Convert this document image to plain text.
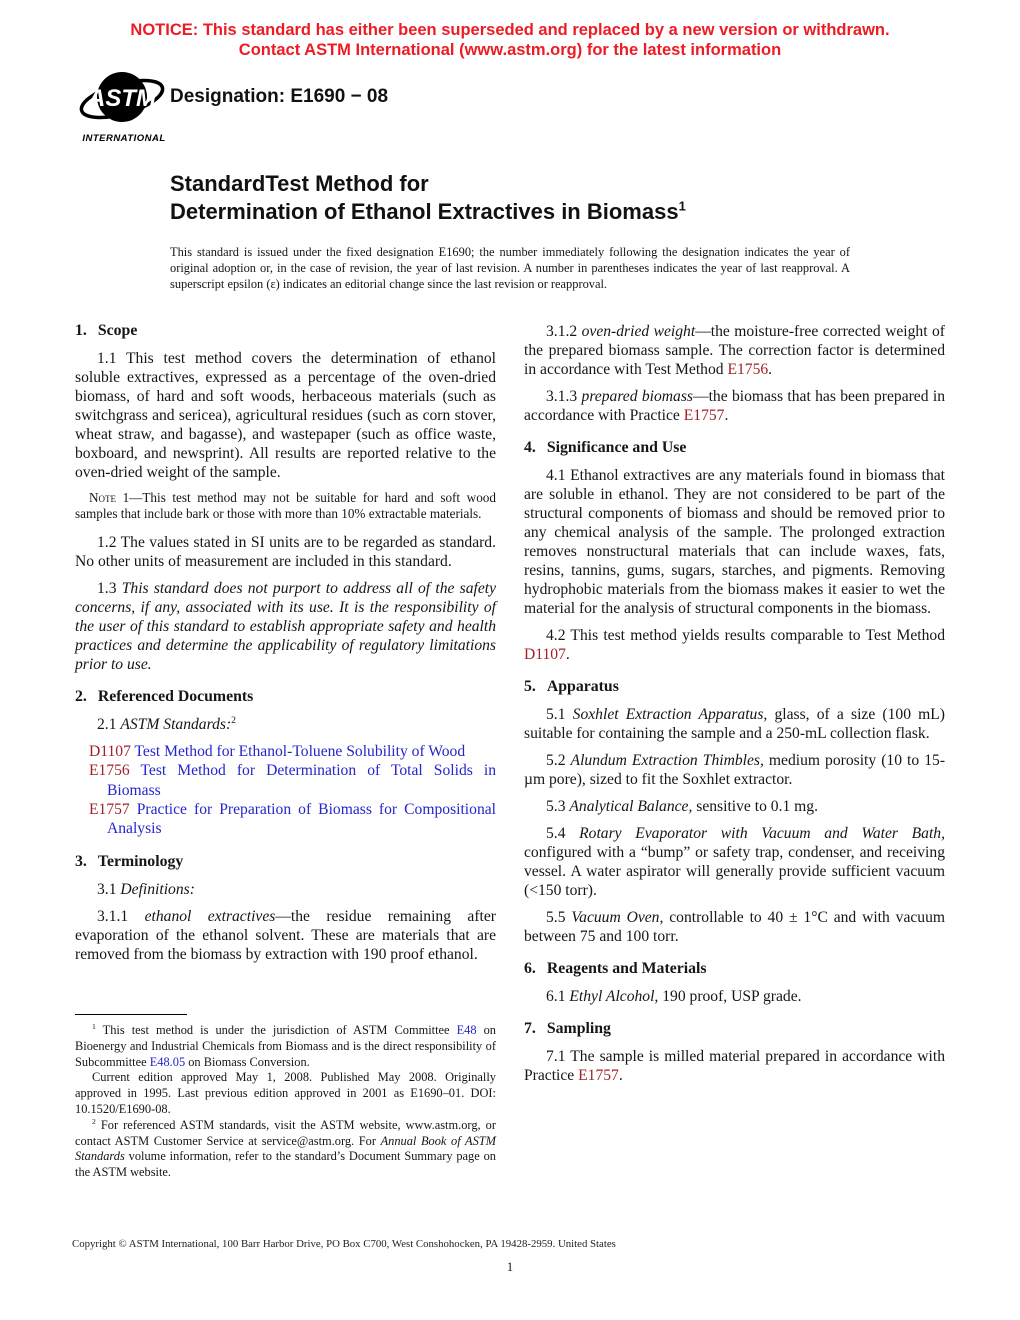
NOTICE: This standard has either been superseded and replaced by a new version or withdrawn.
Contact ASTM International (www.astm.org) for the latest information
ASTM
INTERNATIONAL
Designation: E1690 − 08
StandardTest Method for
Determination of Ethanol Extractives in Biomass$^1$
This standard is issued under the fixed designation E1690; the number immediately following the designation indicates the year of original adoption or, in the case of revision, the year of last revision. A number in parentheses indicates the year of last reapproval. A superscript epsilon (ε) indicates an editorial change since the last revision or reapproval.
1. Scope

1.1 This test method covers the determination of ethanol soluble extractives, expressed as a percentage of the oven-dried biomass, of hard and soft woods, herbaceous materials (such as switchgrass and sericea), agricultural residues (such as corn stover, wheat straw, and bagasse), and wastepaper (such as office waste, boxboard, and newsprint). All results are reported relative to the oven-dried weight of the sample.

Note 1—This test method may not be suitable for hard and soft wood samples that include bark or those with more than 10% extractable materials.

1.2 The values stated in SI units are to be regarded as standard. No other units of measurement are included in this standard.

1.3 This standard does not purport to address all of the safety concerns, if any, associated with its use. It is the responsibility of the user of this standard to establish appropriate safety and health practices and determine the applicability of regulatory limitations prior to use.

2. Referenced Documents

2.1 ASTM Standards:$^2$

D1107 Test Method for Ethanol-Toluene Solubility of Wood

E1756 Test Method for Determination of Total Solids in Biomass

E1757 Practice for Preparation of Biomass for Compositional Analysis

3. Terminology

3.1 Definitions:

3.1.1 ethanol extractives—the residue remaining after evaporation of the ethanol solvent. These are materials that are removed from the biomass by extraction with 190 proof ethanol.

3.1.2 oven-dried weight—the moisture-free corrected weight of the prepared biomass sample. The correction factor is determined in accordance with Test Method E1756.

3.1.3 prepared biomass—the biomass that has been prepared in accordance with Practice E1757.

4. Significance and Use

4.1 Ethanol extractives are any materials found in biomass that are soluble in ethanol. They are not considered to be part of the structural components of biomass and should be removed prior to any chemical analysis of the sample. The prolonged extraction removes nonstructural materials that can include waxes, fats, resins, tannins, gums, sugars, starches, and pigments. Removing hydrophobic materials from the biomass makes it easier to wet the material for the analysis of structural components in the biomass.

4.2 This test method yields results comparable to Test Method D1107.

5. Apparatus

5.1 Soxhlet Extraction Apparatus, glass, of a size (100 mL) suitable for containing the sample and a 250-mL collection flask.

5.2 Alundum Extraction Thimbles, medium porosity (10 to 15-µm pore), sized to fit the Soxhlet extractor.

5.3 Analytical Balance, sensitive to 0.1 mg.

5.4 Rotary Evaporator with Vacuum and Water Bath, configured with a “bump” or safety trap, condenser, and receiving vessel. A water aspirator will generally provide sufficient vacuum (<150 torr).

5.5 Vacuum Oven, controllable to 40 ± 1°C and with vacuum between 75 and 100 torr.

6. Reagents and Materials

6.1 Ethyl Alcohol, 190 proof, USP grade.

7. Sampling

7.1 The sample is milled material prepared in accordance with Practice E1757.

$^1$ This test method is under the jurisdiction of ASTM Committee E48 on Bioenergy and Industrial Chemicals from Biomass and is the direct responsibility of Subcommittee E48.05 on Biomass Conversion.

Current edition approved May 1, 2008. Published May 2008. Originally approved in 1995. Last previous edition approved in 2001 as E1690–01. DOI: 10.1520/E1690-08.

$^2$ For referenced ASTM standards, visit the ASTM website, www.astm.org, or contact ASTM Customer Service at service@astm.org. For Annual Book of ASTM Standards volume information, refer to the standard’s Document Summary page on the ASTM website.

Copyright © ASTM International, 100 Barr Harbor Drive, PO Box C700, West Conshohocken, PA 19428-2959. United States
1
